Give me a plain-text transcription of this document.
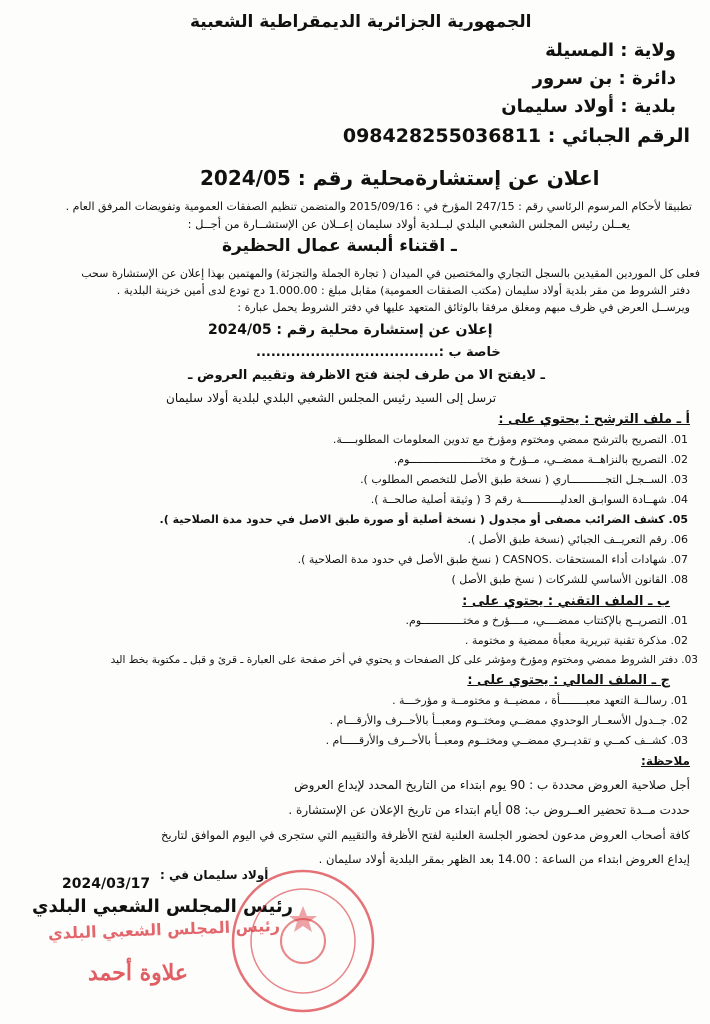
الجمهورية الجزائرية الديمقراطية الشعبية
ولاية : المسيلة
دائرة : بن سرور
بلدية : أولاد سليمان
الرقم الجبائي : 098428255036811
اعلان عن إستشارةمحلية رقم : 2024/05
تطبيقا لأحكام المرسوم الرئاسي رقم : 247/15 المؤرخ في : 2015/09/16 والمتضمن تنظيم الصفقات العمومية وتفويضات المرفق العام .
يعــلن رئيس المجلس الشعبي البلدي لبــلدية أولاد سليمان إعــلان عن الإستشــارة من أجــل :
ـ اقتناء ألبسة عمال الحظيرة
فعلى كل الموردين المقيدين بالسجل التجاري والمختصين في الميدان ( تجارة الجملة والتجزئة) والمهتمين بهذا إعلان عن الإستشارة سحب
دفتر الشروط من مقر بلدية أولاد سليمان (مكتب الصفقات العمومية) مقابل مبلغ : 1.000.00 دج تودع لدى أمين خزينة البلدية .
ويرســل العرض في ظرف مبهم ومغلق مرفقا بالوثائق المتعهد عليها في دفتر الشروط يحمل عبارة :
إعلان عن إستشارة محلية رقم : 2024/05
خاصة ب :.....................................
ـ لايفتح الا من طرف لجنة فتح الاظرفة وتقييم العروض ـ
ترسل إلى السيد رئيس المجلس الشعبي البلدي لبلدية أولاد سليمان
أ ـ ملف الترشح : يحتوي على :
01. التصريح بالترشح ممضي ومختوم ومؤرخ مع تدوين المعلومات المطلوبــــة.
02. التصريح بالنزاهــة ممضــي، مــؤرخ و مختــــــــــــــــــــــوم.
03. الســجـل التجـــــــــــاري ( نسخة طبق الأصل للتخصص المطلوب ).
04. شهــادة السوابـق العدليــــــــــــة رقم 3 ( وثيقة أصلية صالحــة ).
05. كشف الضرائب مصفى أو مجدول ( نسخة أصلية أو صورة طبق الاصل في حدود مدة الصلاحية ).
06. رقم التعريــف الجبائي (نسخة طبق الأصل ).
07. شهادات أداء المستحقات .CASNOS ( نسخ طبق الأصل في حدود مدة الصلاحية ).
08. القانون الأساسي للشركات ( نسخ طبق الأصل )
ب ـ الملف التقني : يحتوي على :
01. التصريــح بالإكتتاب ممضــــي، مــــؤرخ و مختـــــــــــــوم.
02. مذكرة تقنية تبريرية معبأة ممضية و مختومة .
03. دفتر الشروط ممضي ومختوم ومؤرخ ومؤشر على كل الصفحات و يحتوي في أخر صفحة على العبارة ـ قرئ و قبل ـ مكتوبة بخط اليد
ج ـ الملف المالي : يحتوي على :
01. رسالــة التعهد معبــــــــأة ، ممضيــة و مختومــة و مؤرخـــة .
02. جــدول الأسعــار الوحدوي ممضــي ومختــوم ومعبــأ بالأحــرف والأرقـــام .
03. كشــف كمــي و تقديــري ممضــي ومختــوم ومعبــأ بالأحــرف والأرقـــــام .
ملاحظة:
أجل صلاحية العروض محددة ب : 90 يوم ابتداء من التاريخ المحدد لإيداع العروض
حددت مــدة تحضير العــروض ب: 08 أيام ابتداء من تاريخ الإعلان عن الإستشارة .
كافة أصحاب العروض مدعون لحضور الجلسة العلنية لفتح الأظرفة والتقييم التي ستجرى في اليوم الموافق لتاريخ
إيداع العروض ابتداء من الساعة : 14.00 بعد الظهر بمقر البلدية أولاد سليمان .
أولاد سليمان في :
2024/03/17
رئيس المجلس الشعبي البلدي
رئيس المجلس الشعبي البلدي
علاوة أحمد
